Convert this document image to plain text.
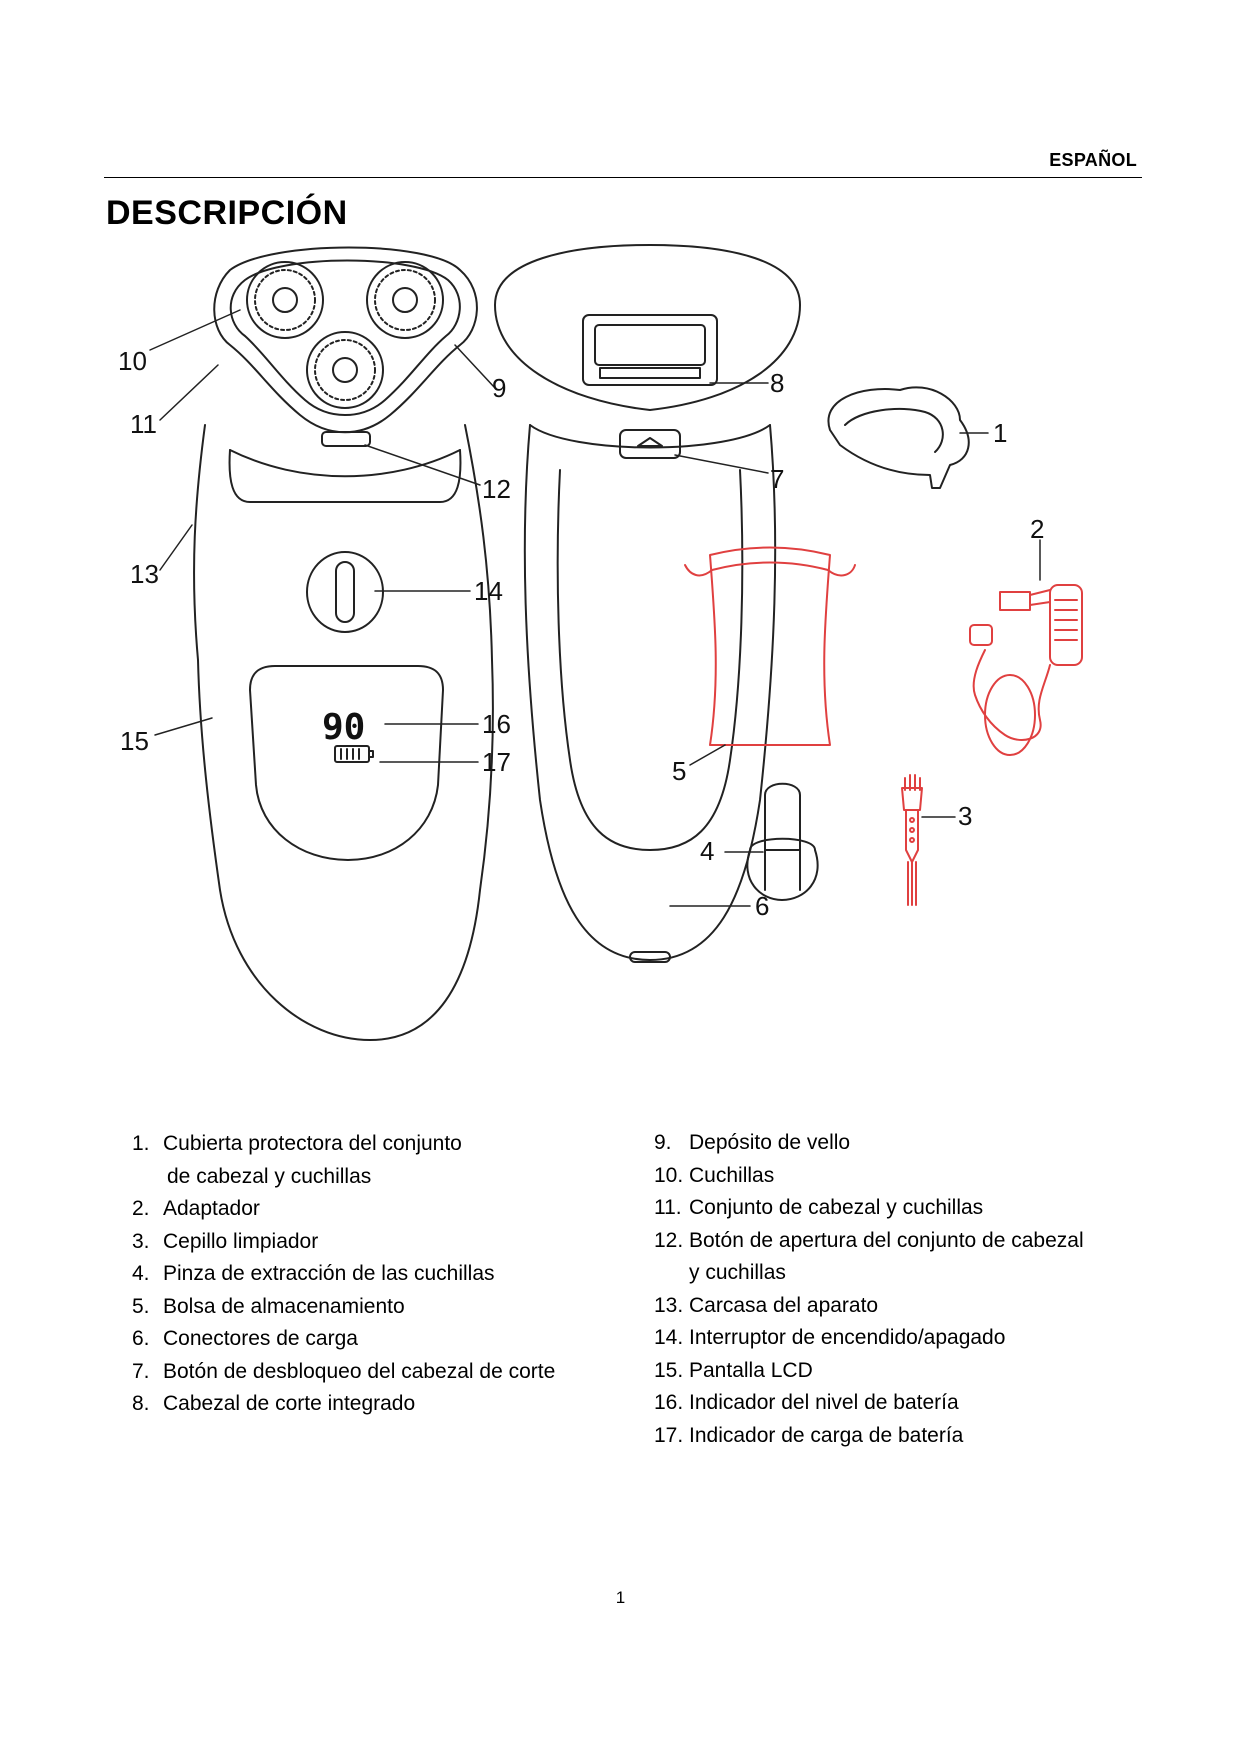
ESPAÑOL
DESCRIPCIÓN
90
1
2
3
4
5
6
7
8
9
10
11
12
13
14
15
16
17
1. Cubierta protectora del conjunto
de cabezal y cuchillas
2. Adaptador
3. Cepillo limpiador
4. Pinza de extracción de las cuchillas
5. Bolsa de almacenamiento
6. Conectores de carga
7. Botón de desbloqueo del cabezal de corte
8. Cabezal de corte integrado
9. Depósito de vello
10. Cuchillas
11. Conjunto de cabezal y cuchillas
12. Botón de apertura del conjunto de cabezal
y cuchillas
13. Carcasa del aparato
14. Interruptor de encendido/apagado
15. Pantalla LCD
16. Indicador del nivel de batería
17. Indicador de carga de batería
1
